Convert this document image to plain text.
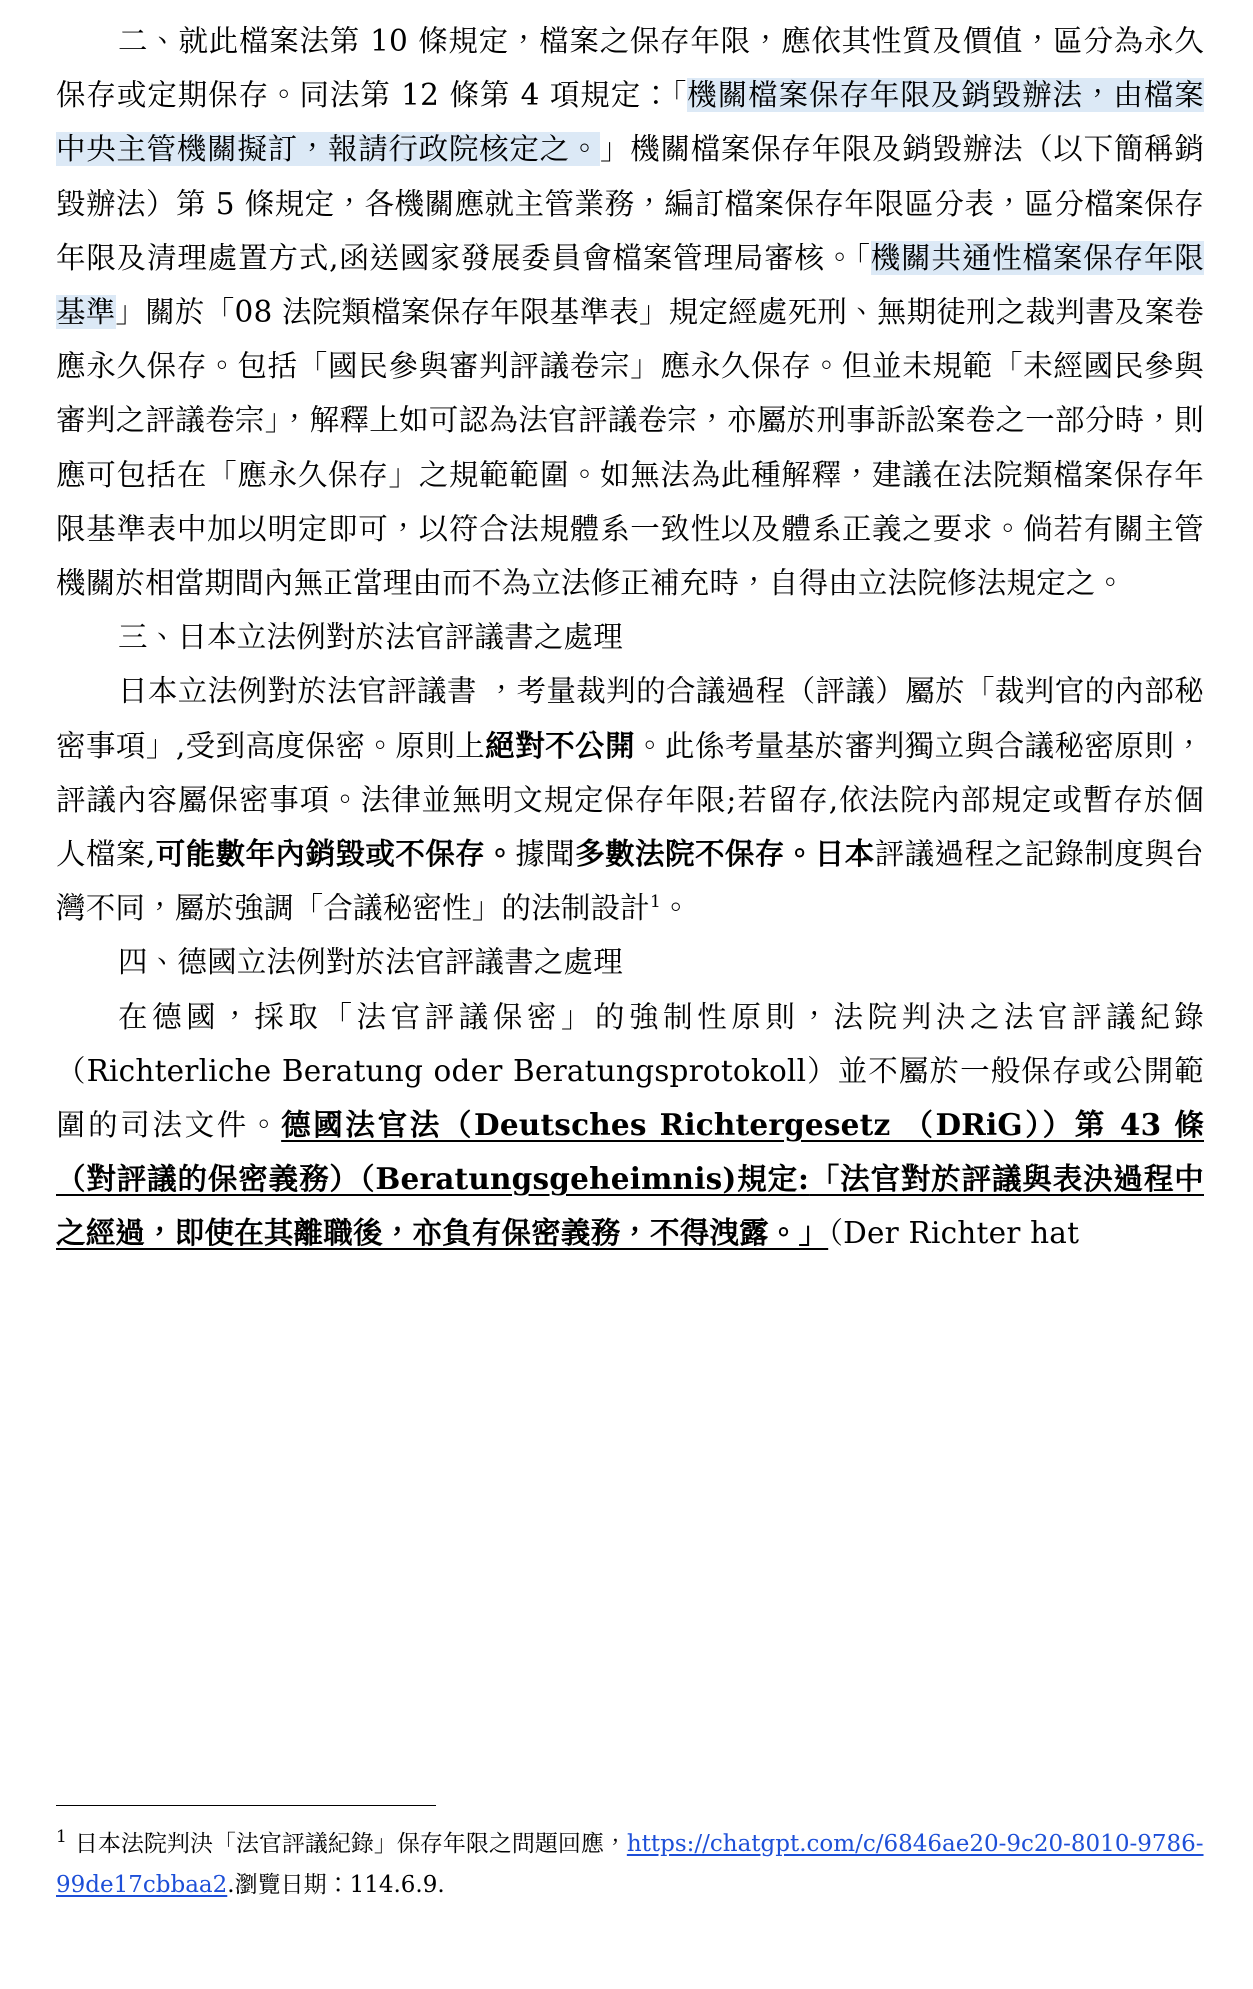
二、就此檔案法第 10 條規定，檔案之保存年限，應依其性質及價值，區分為永久保存或定期保存。同法第 12 條第 4 項規定：「機關檔案保存年限及銷毀辦法，由檔案中央主管機關擬訂，報請行政院核定之。」機關檔案保存年限及銷毀辦法（以下簡稱銷毀辦法）第 5 條規定，各機關應就主管業務，編訂檔案保存年限區分表，區分檔案保存年限及清理處置方式,函送國家發展委員會檔案管理局審核。「機關共通性檔案保存年限基準」關於「08 法院類檔案保存年限基準表」規定經處死刑、無期徒刑之裁判書及案卷應永久保存。包括「國民參與審判評議卷宗」應永久保存。但並未規範「未經國民參與審判之評議卷宗」，解釋上如可認為法官評議卷宗，亦屬於刑事訴訟案卷之一部分時，則應可包括在「應永久保存」之規範範圍。如無法為此種解釋，建議在法院類檔案保存年限基準表中加以明定即可，以符合法規體系一致性以及體系正義之要求。倘若有關主管機關於相當期間內無正當理由而不為立法修正補充時，自得由立法院修法規定之。

三、日本立法例對於法官評議書之處理

日本立法例對於法官評議書 ，考量裁判的合議過程（評議）屬於「裁判官的內部秘密事項」,受到高度保密。原則上絕對不公開。此係考量基於審判獨立與合議秘密原則，評議內容屬保密事項。法律並無明文規定保存年限;若留存,依法院內部規定或暫存於個人檔案,可能數年內銷毀或不保存。據聞多數法院不保存。日本評議過程之記錄制度與台灣不同，屬於強調「合議秘密性」的法制設計$^1$。

四、德國立法例對於法官評議書之處理

在德國，採取「法官評議保密」的強制性原則，法院判決之法官評議紀錄（Richterliche Beratung oder Beratungsprotokoll）並不屬於一般保存或公開範圍的司法文件。德國法官法（Deutsches Richtergesetz （DRiG））第 43 條（對評議的保密義務）（Beratungsgeheimnis)規定:「法官對於評議與表決過程中之經過，即使在其離職後，亦負有保密義務，不得洩露。」（Der Richter hat

$^1$ 日本法院判決「法官評議紀錄」保存年限之問題回應，https://chatgpt.com/c/6846ae20-9c20-8010-9786-99de17cbbaa2.瀏覽日期：114.6.9.
